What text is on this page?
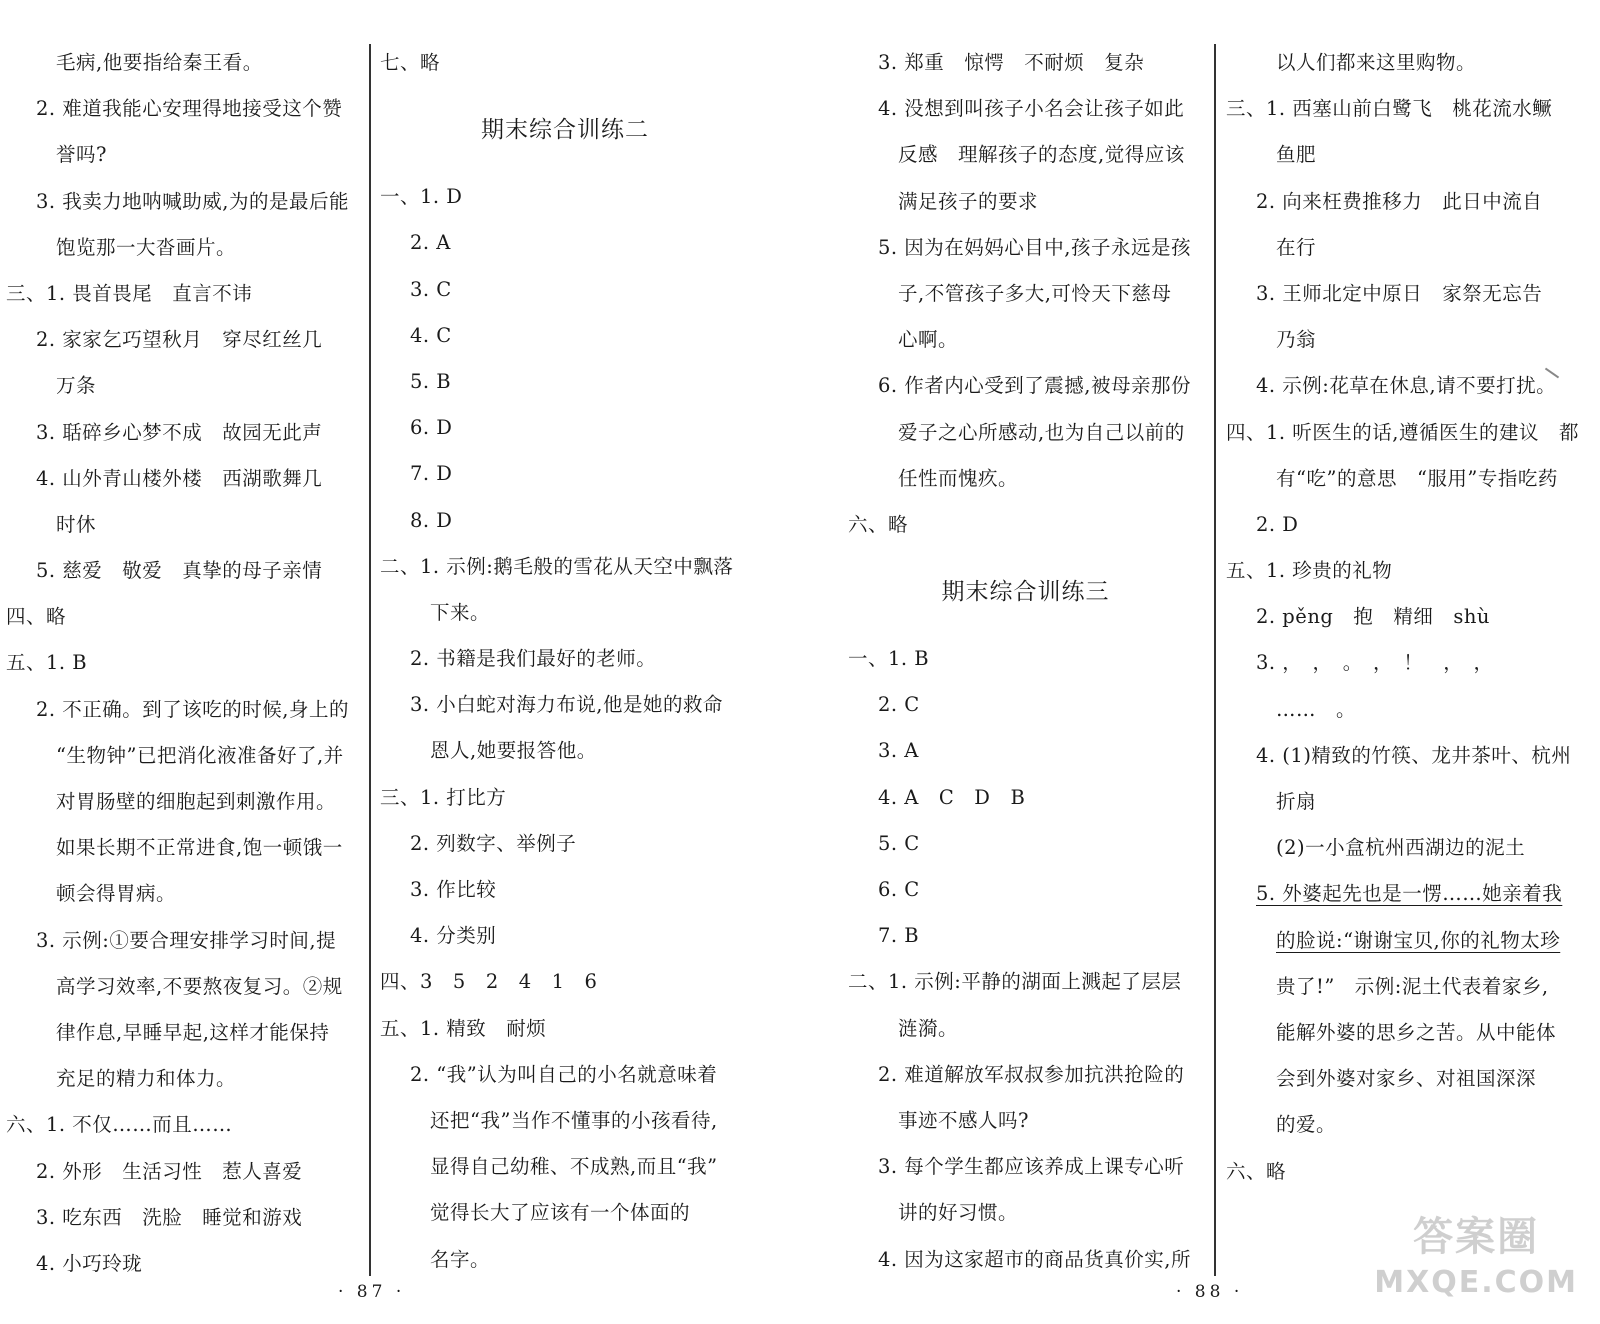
毛病,他要指给秦王看。
2. 难道我能心安理得地接受这个赞
誉吗?
3. 我卖力地呐喊助威,为的是最后能
饱览那一大沓画片。
三、1. 畏首畏尾　直言不讳
2. 家家乞巧望秋月　穿尽红丝几
万条
3. 聒碎乡心梦不成　故园无此声
4. 山外青山楼外楼　西湖歌舞几
时休
5. 慈爱　敬爱　真挚的母子亲情
四、略
五、1. B
2. 不正确。到了该吃的时候,身上的
“生物钟”已把消化液准备好了,并
对胃肠壁的细胞起到刺激作用。
如果长期不正常进食,饱一顿饿一
顿会得胃病。
3. 示例:①要合理安排学习时间,提
高学习效率,不要熬夜复习。②规
律作息,早睡早起,这样才能保持
充足的精力和体力。
六、1. 不仅……而且……
2. 外形　生活习性　惹人喜爱
3. 吃东西　洗脸　睡觉和游戏
4. 小巧玲珑
七、略
期末综合训练二
一、1. D
2. A
3. C
4. C
5. B
6. D
7. D
8. D
二、1. 示例:鹅毛般的雪花从天空中飘落
下来。
2. 书籍是我们最好的老师。
3. 小白蛇对海力布说,他是她的救命
恩人,她要报答他。
三、1. 打比方
2. 列数字、举例子
3. 作比较
4. 分类别
四、3　5　2　4　1　6
五、1. 精致　耐烦
2. “我”认为叫自己的小名就意味着
还把“我”当作不懂事的小孩看待,
显得自己幼稚、不成熟,而且“我”
觉得长大了应该有一个体面的
名字。
3. 郑重　惊愕　不耐烦　复杂
4. 没想到叫孩子小名会让孩子如此
反感　理解孩子的态度,觉得应该
满足孩子的要求
5. 因为在妈妈心目中,孩子永远是孩
子,不管孩子多大,可怜天下慈母
心啊。
6. 作者内心受到了震撼,被母亲那份
爱子之心所感动,也为自己以前的
任性而愧疚。
六、略
期末综合训练三
一、1. B
2. C
3. A
4. A　C　D　B
5. C
6. C
7. B
二、1. 示例:平静的湖面上溅起了层层
涟漪。
2. 难道解放军叔叔参加抗洪抢险的
事迹不感人吗?
3. 每个学生都应该养成上课专心听
讲的好习惯。
4. 因为这家超市的商品货真价实,所
以人们都来这里购物。
三、1. 西塞山前白鹭飞　桃花流水鳜
鱼肥
2. 向来枉费推移力　此日中流自
在行
3. 王师北定中原日　家祭无忘告
乃翁
4. 示例:花草在休息,请不要打扰。
四、1. 听医生的话,遵循医生的建议　都
有“吃”的意思　“服用”专指吃药
2. D
五、1. 珍贵的礼物
2. pěng　抱　精细　shù
3. ，　，　。　，　！　，　，
……　。
4. (1)精致的竹筷、龙井茶叶、杭州
折扇
(2)一小盒杭州西湖边的泥土
5. 外婆起先也是一愣……她亲着我
的脸说:“谢谢宝贝,你的礼物太珍
贵了!”　示例:泥土代表着家乡,
能解外婆的思乡之苦。从中能体
会到外婆对家乡、对祖国深深
的爱。
六、略
· 87 ·	· 88 ·
答案圈
MXQE.COM
